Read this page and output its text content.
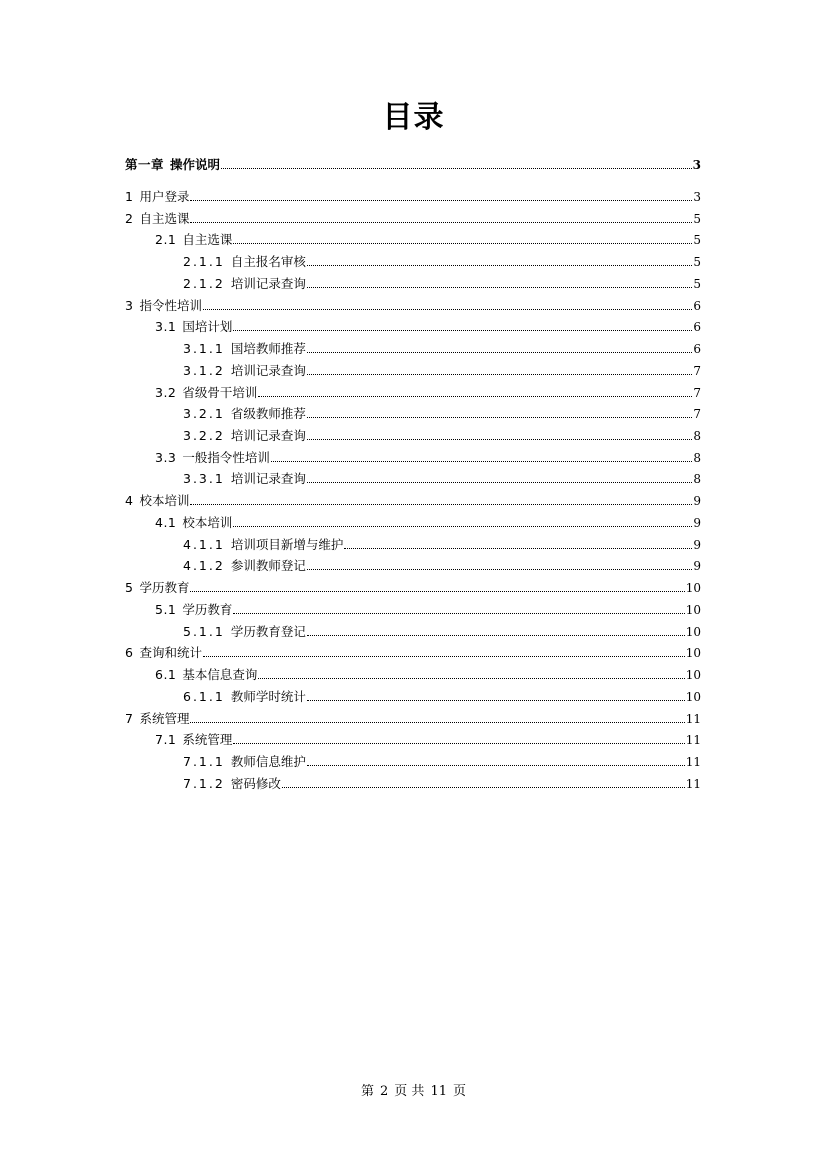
目录
第一章 操作说明	3
1 用户登录	3
2 自主选课	5
2.1 自主选课	5
2.1.1 自主报名审核	5
2.1.2 培训记录查询	5
3 指令性培训	6
3.1 国培计划	6
3.1.1 国培教师推荐	6
3.1.2 培训记录查询	7
3.2 省级骨干培训	7
3.2.1 省级教师推荐	7
3.2.2 培训记录查询	8
3.3 一般指令性培训	8
3.3.1 培训记录查询	8
4 校本培训	9
4.1 校本培训	9
4.1.1 培训项目新增与维护	9
4.1.2 参训教师登记	9
5 学历教育	10
5.1 学历教育	10
5.1.1 学历教育登记	10
6 查询和统计	10
6.1 基本信息查询	10
6.1.1 教师学时统计	10
7 系统管理	11
7.1 系统管理	11
7.1.1 教师信息维护	11
7.1.2 密码修改	11
第 2 页 共 11 页
